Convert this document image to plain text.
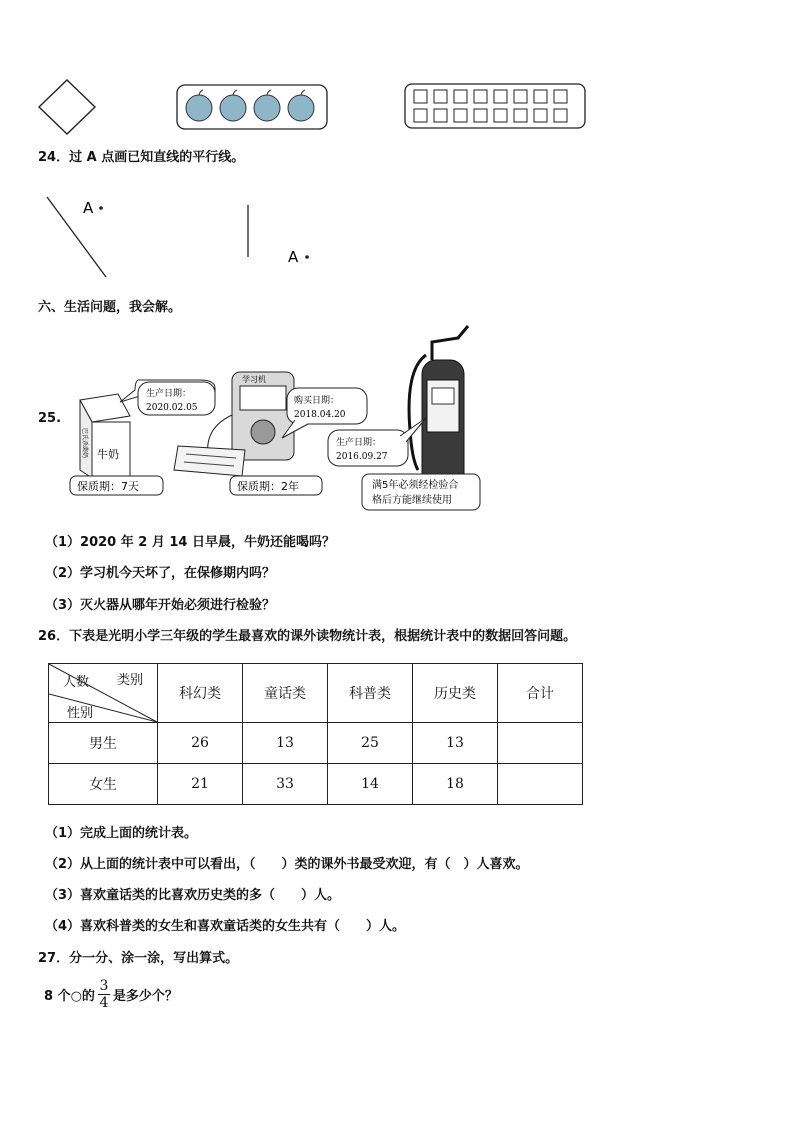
24．过 A 点画已知直线的平行线。
A
A
六、生活问题，我会解。
25.
牛奶
巴氏杀菌奶
生产日期：
2020.02.05
保质期：7天
学习机
购买日期：
2018.04.20
保质期：2年
生产日期：
2016.09.27
满5年必须经检验合
格后方能继续使用
（1）2020 年 2 月 14 日早晨，牛奶还能喝吗？
（2）学习机今天坏了，在保修期内吗？
（3）灭火器从哪年开始必须进行检验？
26．下表是光明小学三年级的学生最喜欢的课外读物统计表，根据统计表中的数据回答问题。
类别
人数
性别	科幻类	童话类	科普类	历史类	合计
男生	26	13	25	13	
女生	21	33	14	18	
（1）完成上面的统计表。
（2）从上面的统计表中可以看出，（　　）类的课外书最受欢迎，有（　）人喜欢。
（3）喜欢童话类的比喜欢历史类的多（　　）人。
（4）喜欢科普类的女生和喜欢童话类的女生共有（　　）人。
27．分一分、涂一涂，写出算式。
8 个○的
3
4 是多少个？
